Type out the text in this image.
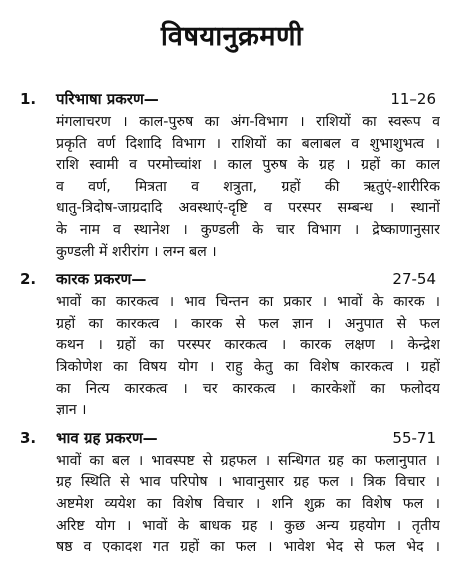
विषयानुक्रमणी
1. परिभाषा प्रकरण—	11–26
मंगलाचरण । काल-पुरुष का अंग-विभाग । राशियों का स्वरूप व
प्रकृति वर्ण दिशादि विभाग । राशियों का बलाबल व शुभाशुभत्व ।
राशि स्वामी व परमोच्चांश । काल पुरुष के ग्रह । ग्रहों का काल
व वर्ण, मित्रता व शत्रुता, ग्रहों की ऋतुएं-शारीरिक
धातु-त्रिदोष-जाग्रदादि अवस्थाएं-दृष्टि व परस्पर सम्बन्ध । स्थानों
के नाम व स्थानेश । कुण्डली के चार विभाग । द्रेष्काणानुसार
कुण्डली में शरीरांग । लग्न बल ।
2. कारक प्रकरण—	27-54
भावों का कारकत्व । भाव चिन्तन का प्रकार । भावों के कारक ।
ग्रहों का कारकत्व । कारक से फल ज्ञान । अनुपात से फल
कथन । ग्रहों का परस्पर कारकत्व । कारक लक्षण । केन्द्रेश
त्रिकोणेश का विषय योग । राहु केतु का विशेष कारकत्व । ग्रहों
का नित्य कारकत्व । चर कारकत्व । कारकेशों का फलोदय
ज्ञान ।
3. भाव ग्रह प्रकरण—	55-71
भावों का बल । भावस्पष्ट से ग्रहफल । सन्धिगत ग्रह का फलानुपात ।
ग्रह स्थिति से भाव परिपोष । भावानुसार ग्रह फल । त्रिक विचार ।
अष्टमेश व्ययेश का विशेष विचार । शनि शुक्र का विशेष फल ।
अरिष्ट योग । भावों के बाधक ग्रह । कुछ अन्य ग्रहयोग । तृतीय
षष्ठ व एकादश गत ग्रहों का फल । भावेश भेद से फल भेद ।
